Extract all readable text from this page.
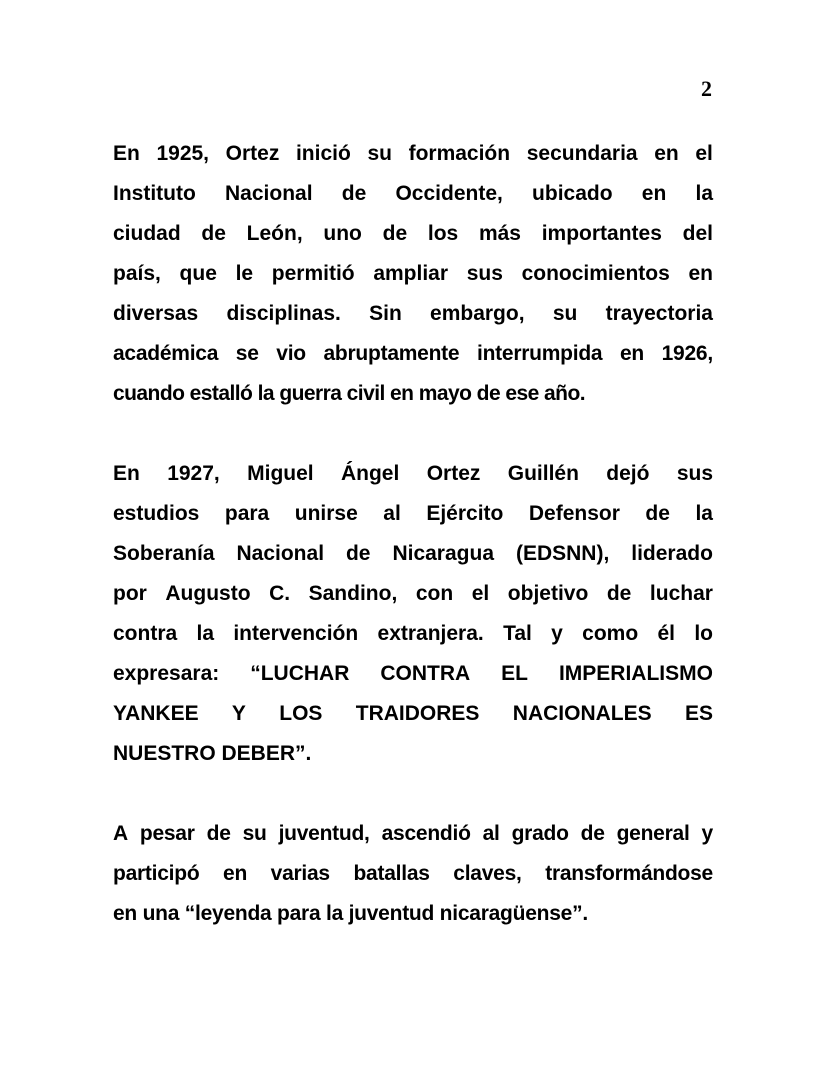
2

En 1925, Ortez inició su formación secundaria en el
Instituto Nacional de Occidente, ubicado en la
ciudad de León, uno de los más importantes del
país, que le permitió ampliar sus conocimientos en
diversas disciplinas. Sin embargo, su trayectoria
académica se vio abruptamente interrumpida en 1926,
cuando estalló la guerra civil en mayo de ese año.

En 1927, Miguel Ángel Ortez Guillén dejó sus
estudios para unirse al Ejército Defensor de la
Soberanía Nacional de Nicaragua (EDSNN), liderado
por Augusto C. Sandino, con el objetivo de luchar
contra la intervención extranjera. Tal y como él lo
expresara: “LUCHAR CONTRA EL IMPERIALISMO
YANKEE Y LOS TRAIDORES NACIONALES ES
NUESTRO DEBER”.

A pesar de su juventud, ascendió al grado de general y
participó en varias batallas claves, transformándose
en una “leyenda para la juventud nicaragüense”.
